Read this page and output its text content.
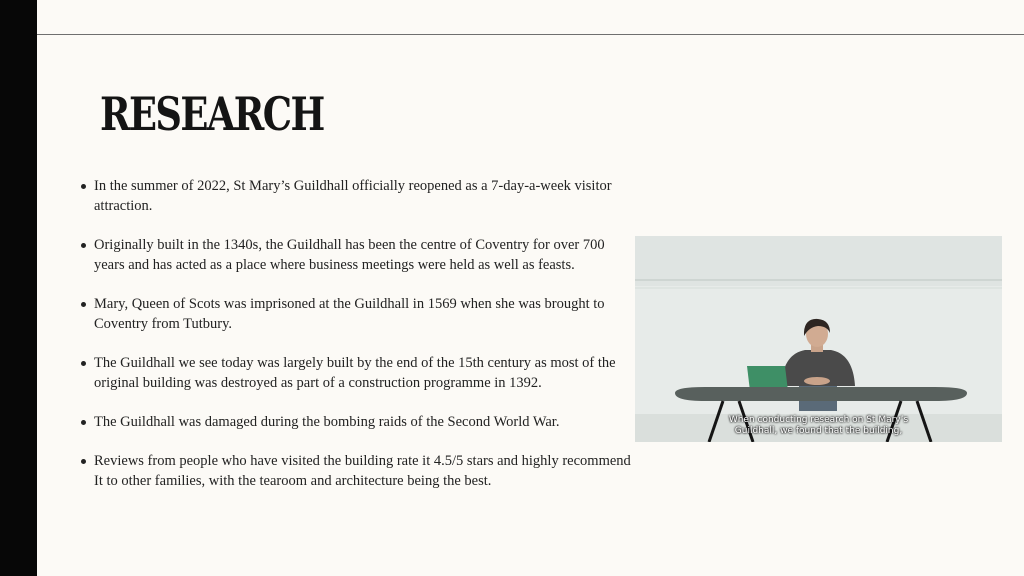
RESEARCH
In the summer of 2022, St Mary’s Guildhall officially reopened as a 7-day-a-week visitor attraction.
Originally built in the 1340s, the Guildhall has been the centre of Coventry for over 700 years and has acted as a place where business meetings were held as well as feasts.
Mary, Queen of Scots was imprisoned at the Guildhall in 1569 when she was brought to Coventry from Tutbury.
The Guildhall we see today was largely built by the end of the 15th century as most of the original building was destroyed as part of a construction programme in 1392.
The Guildhall was damaged during the bombing raids of the Second World War.
Reviews from people who have visited the building rate it 4.5/5 stars and highly recommend It to other families, with the tearoom and architecture being the best.
When conducting research on St Mary’s
Guildhall, we found that the building,
